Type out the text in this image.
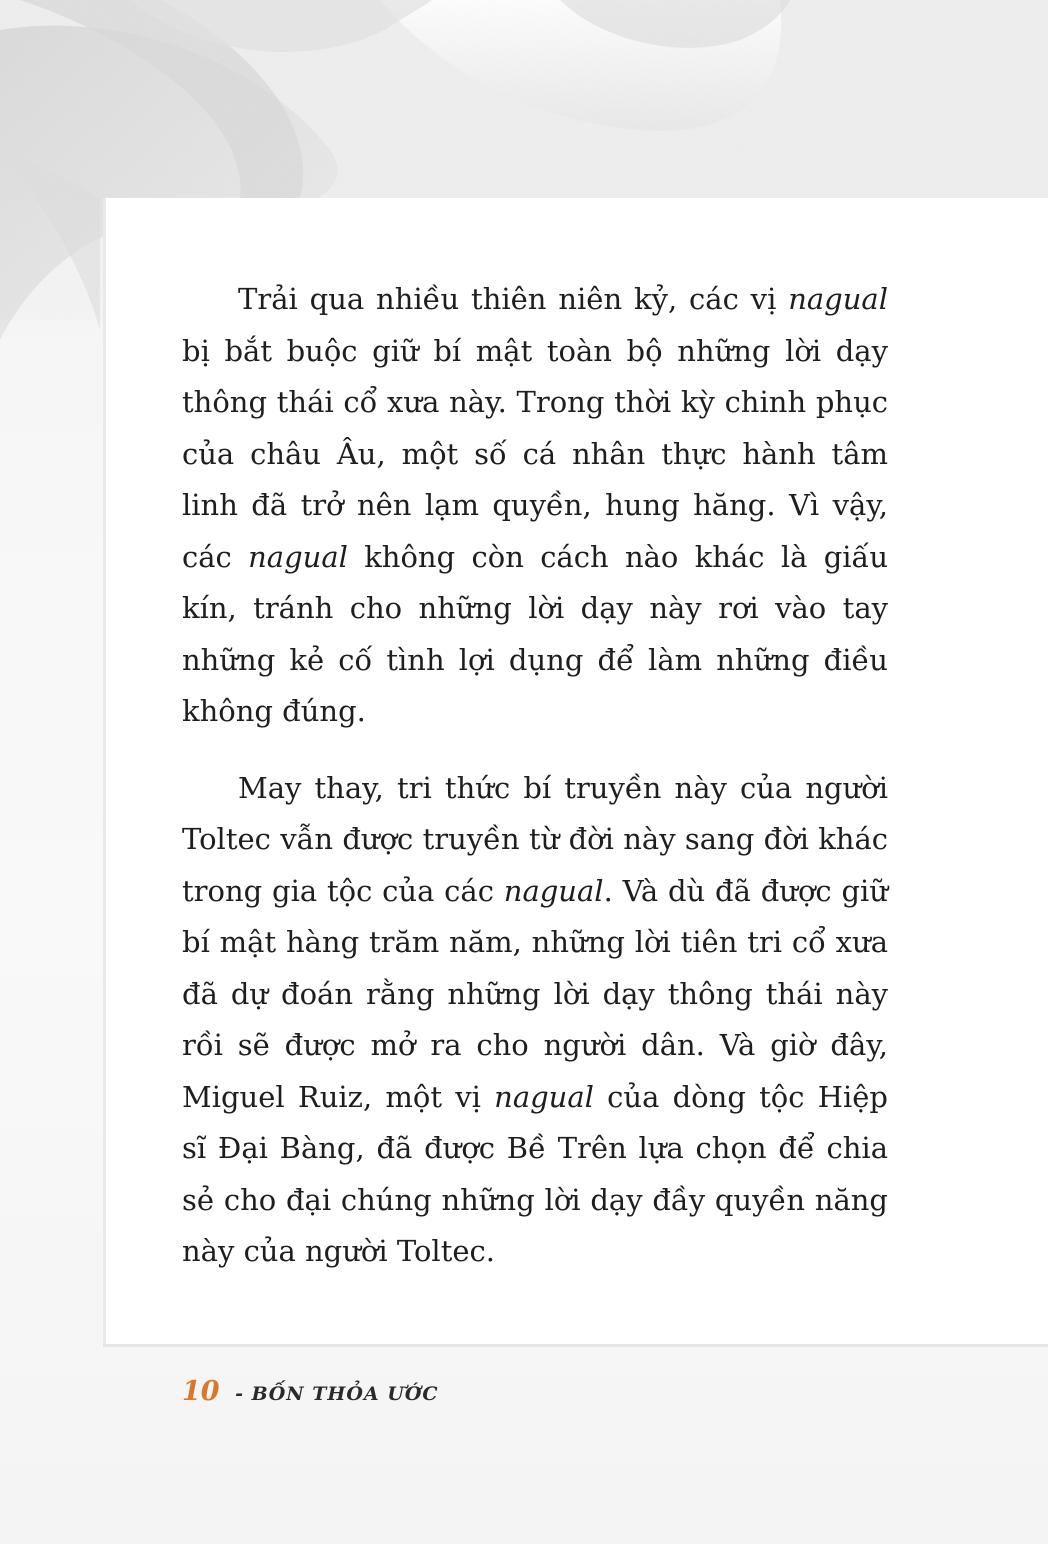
Trải qua nhiều thiên niên kỷ, các vị nagual bị bắt buộc giữ bí mật toàn bộ những lời dạy thông thái cổ xưa này. Trong thời kỳ chinh phục của châu Âu, một số cá nhân thực hành tâm linh đã trở nên lạm quyền, hung hăng. Vì vậy, các nagual không còn cách nào khác là giấu kín, tránh cho những lời dạy này rơi vào tay những kẻ cố tình lợi dụng để làm những điều không đúng.

May thay, tri thức bí truyền này của người Toltec vẫn được truyền từ đời này sang đời khác trong gia tộc của các nagual. Và dù đã được giữ bí mật hàng trăm năm, những lời tiên tri cổ xưa đã dự đoán rằng những lời dạy thông thái này rồi sẽ được mở ra cho người dân. Và giờ đây, Miguel Ruiz, một vị nagual của dòng tộc Hiệp sĩ Đại Bàng, đã được Bề Trên lựa chọn để chia sẻ cho đại chúng những lời dạy đầy quyền năng này của người Toltec.

10 - BỐN THỎA ƯỚC
